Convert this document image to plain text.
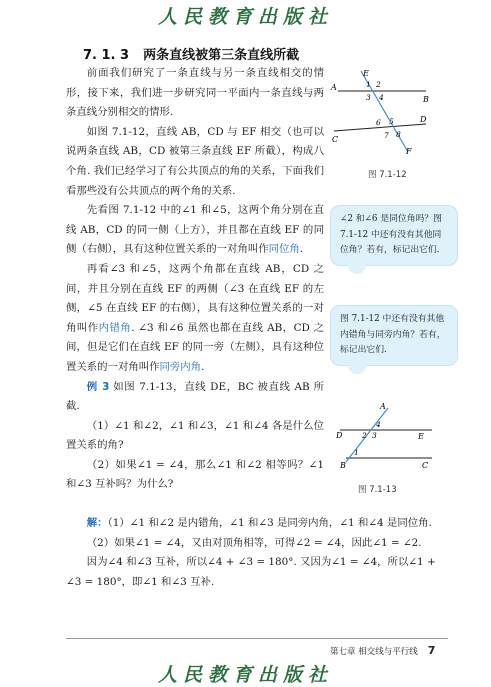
人民教育出版社
7. 1. 3 两条直线被第三条直线所截

前面我们研究了一条直线与另一条直线相交的情形，接下来，我们进一步研究同一平面内一条直线与两条直线分别相交的情形.

如图 7.1-12，直线 AB，CD 与 EF 相交（也可以说两条直线 AB，CD 被第三条直线 EF 所截），构成八个角. 我们已经学习了有公共顶点的角的关系，下面我们看那些没有公共顶点的两个角的关系.

先看图 7.1-12 中的∠1 和∠5，这两个角分别在直线 AB，CD 的同一侧（上方），并且都在直线 EF 的同侧（右侧），具有这种位置关系的一对角叫作同位角.

再看∠3 和∠5，这两个角都在直线 AB，CD 之间，并且分别在直线 EF 的两侧（∠3 在直线 EF 的左侧，∠5 在直线 EF 的右侧），具有这种位置关系的一对角叫作内错角. ∠3 和∠6 虽然也都在直线 AB，CD 之间，但是它们在直线 EF 的同一旁（左侧），具有这种位置关系的一对角叫作同旁内角.

例 3 如图 7.1-13，直线 DE，BC 被直线 AB 所截.

（1）∠1 和∠2，∠1 和∠3，∠1 和∠4 各是什么位置关系的角?

（2）如果∠1 = ∠4，那么∠1 和∠2 相等吗？∠1 和∠3 互补吗？为什么?

解：（1）∠1 和∠2 是内错角，∠1 和∠3 是同旁内角，∠1 和∠4 是同位角.

（2）如果∠1 = ∠4，又由对顶角相等，可得∠2 = ∠4，因此∠1 = ∠2.

因为∠4 和∠3 互补，所以∠4 + ∠3 = 180°. 又因为∠1 = ∠4，所以∠1 + ∠3 = 180°，即∠1 和∠3 互补.

E
A
B
C
D
F
1 2
3 4
5
6
7 8
图 7.1-12
∠2 和∠6 是同位角吗？图 7.1-12 中还有没有其他同位角？若有，标记出它们.
图 7.1-12 中还有没有其他内错角与同旁内角？若有，标记出它们.
A
D	E
B	C
1
2 3
4
图 7.1-13
第七章 相交线与平行线 7
人民教育出版社
